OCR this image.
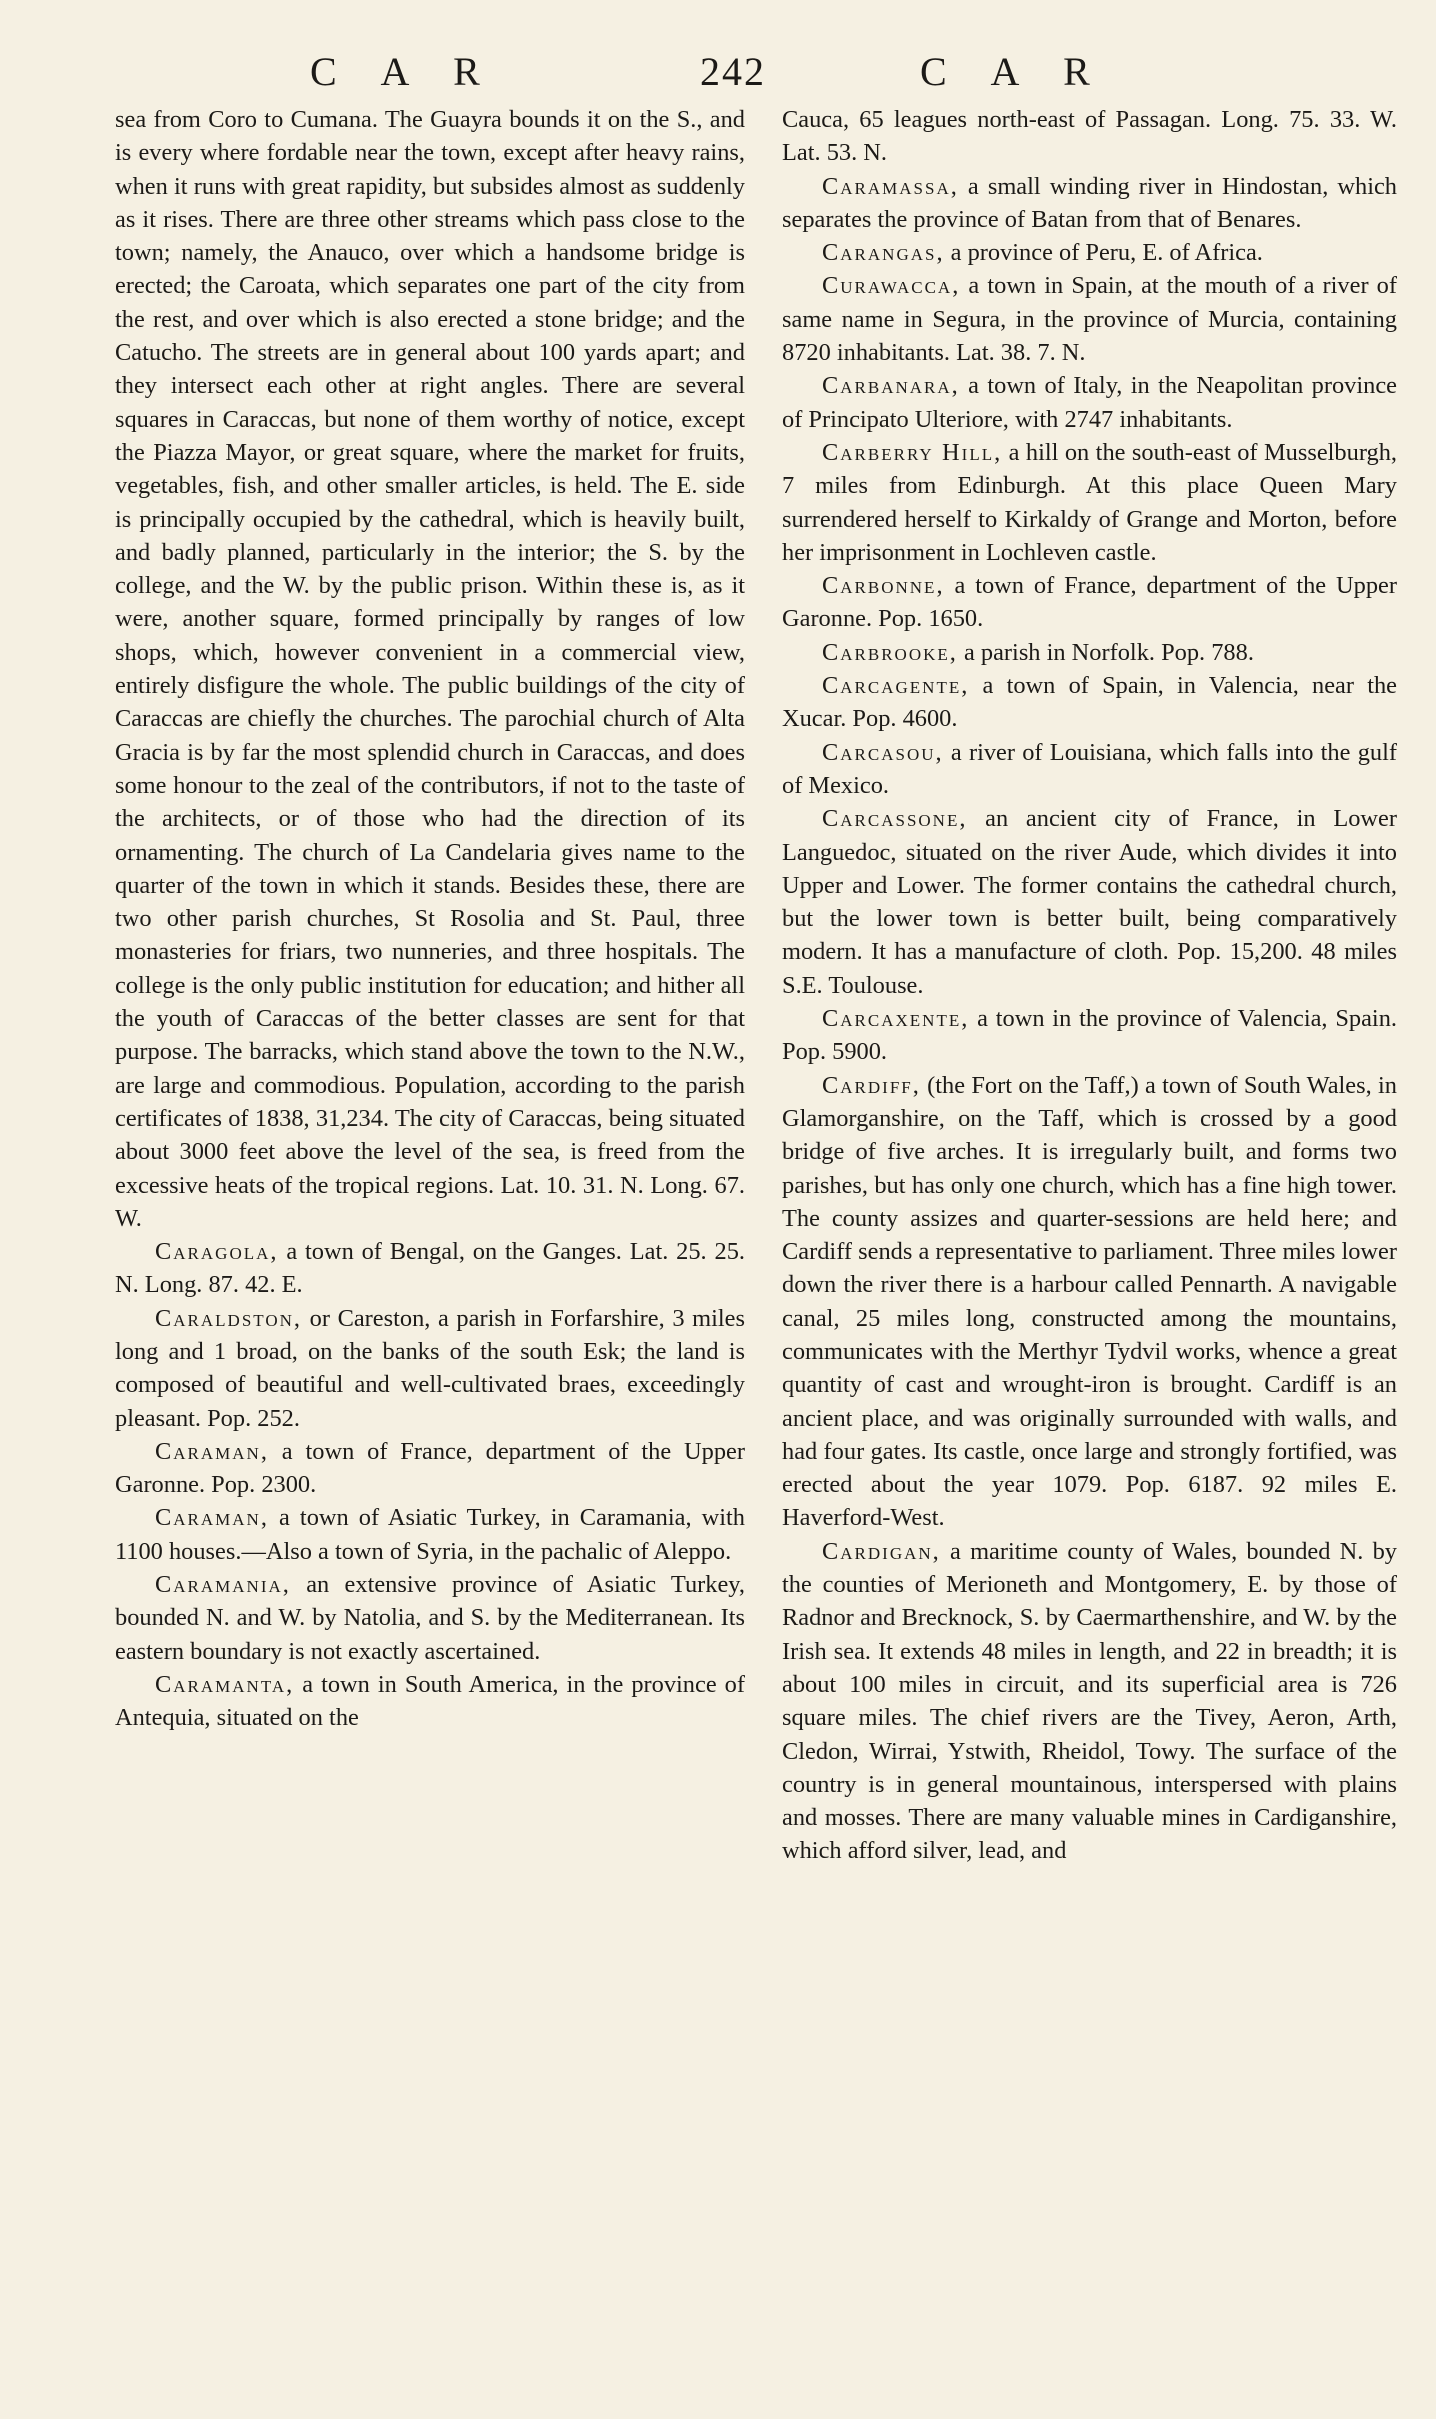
C A R	242	C A R

sea from Coro to Cumana. The Guayra bounds it on the S., and is every where fordable near the town, except after heavy rains, when it runs with great rapidity, but subsides almost as suddenly as it rises. There are three other streams which pass close to the town; namely, the Anauco, over which a handsome bridge is erected; the Caroata, which separates one part of the city from the rest, and over which is also erected a stone bridge; and the Catucho. The streets are in general about 100 yards apart; and they intersect each other at right angles. There are several squares in Caraccas, but none of them worthy of notice, except the Piazza Mayor, or great square, where the market for fruits, vegetables, fish, and other smaller articles, is held. The E. side is principally occupied by the cathedral, which is heavily built, and badly planned, particularly in the interior; the S. by the college, and the W. by the public prison. Within these is, as it were, another square, formed principally by ranges of low shops, which, however convenient in a commercial view, entirely disfigure the whole. The public buildings of the city of Caraccas are chiefly the churches. The parochial church of Alta Gracia is by far the most splendid church in Caraccas, and does some honour to the zeal of the contributors, if not to the taste of the architects, or of those who had the direction of its ornamenting. The church of La Candelaria gives name to the quarter of the town in which it stands. Besides these, there are two other parish churches, St Rosolia and St. Paul, three monasteries for friars, two nunneries, and three hospitals. The college is the only public institution for education; and hither all the youth of Caraccas of the better classes are sent for that purpose. The barracks, which stand above the town to the N.W., are large and commodious. Population, according to the parish certificates of 1838, 31,234. The city of Caraccas, being situated about 3000 feet above the level of the sea, is freed from the excessive heats of the tropical regions. Lat. 10. 31. N. Long. 67. W.

Caragola, a town of Bengal, on the Ganges. Lat. 25. 25. N. Long. 87. 42. E.

Caraldston, or Careston, a parish in Forfarshire, 3 miles long and 1 broad, on the banks of the south Esk; the land is composed of beautiful and well-cultivated braes, exceedingly pleasant. Pop. 252.

Caraman, a town of France, department of the Upper Garonne. Pop. 2300.

Caraman, a town of Asiatic Turkey, in Caramania, with 1100 houses.—Also a town of Syria, in the pachalic of Aleppo.

Caramania, an extensive province of Asiatic Turkey, bounded N. and W. by Natolia, and S. by the Mediterranean. Its eastern boundary is not exactly ascertained.

Caramanta, a town in South America, in the province of Antequia, situated on the

Cauca, 65 leagues north-east of Passagan. Long. 75. 33. W. Lat. 53. N.

Caramassa, a small winding river in Hindostan, which separates the province of Batan from that of Benares.

Carangas, a province of Peru, E. of Africa.

Curawacca, a town in Spain, at the mouth of a river of same name in Segura, in the province of Murcia, containing 8720 inhabitants. Lat. 38. 7. N.

Carbanara, a town of Italy, in the Neapolitan province of Principato Ulteriore, with 2747 inhabitants.

Carberry Hill, a hill on the south-east of Musselburgh, 7 miles from Edinburgh. At this place Queen Mary surrendered herself to Kirkaldy of Grange and Morton, before her imprisonment in Lochleven castle.

Carbonne, a town of France, department of the Upper Garonne. Pop. 1650.

Carbrooke, a parish in Norfolk. Pop. 788.

Carcagente, a town of Spain, in Valencia, near the Xucar. Pop. 4600.

Carcasou, a river of Louisiana, which falls into the gulf of Mexico.

Carcassone, an ancient city of France, in Lower Languedoc, situated on the river Aude, which divides it into Upper and Lower. The former contains the cathedral church, but the lower town is better built, being comparatively modern. It has a manufacture of cloth. Pop. 15,200. 48 miles S.E. Toulouse.

Carcaxente, a town in the province of Valencia, Spain. Pop. 5900.

Cardiff, (the Fort on the Taff,) a town of South Wales, in Glamorganshire, on the Taff, which is crossed by a good bridge of five arches. It is irregularly built, and forms two parishes, but has only one church, which has a fine high tower. The county assizes and quarter-sessions are held here; and Cardiff sends a representative to parliament. Three miles lower down the river there is a harbour called Pennarth. A navigable canal, 25 miles long, constructed among the mountains, communicates with the Merthyr Tydvil works, whence a great quantity of cast and wrought-iron is brought. Cardiff is an ancient place, and was originally surrounded with walls, and had four gates. Its castle, once large and strongly fortified, was erected about the year 1079. Pop. 6187. 92 miles E. Haverford-West.

Cardigan, a maritime county of Wales, bounded N. by the counties of Merioneth and Montgomery, E. by those of Radnor and Brecknock, S. by Caermarthenshire, and W. by the Irish sea. It extends 48 miles in length, and 22 in breadth; it is about 100 miles in circuit, and its superficial area is 726 square miles. The chief rivers are the Tivey, Aeron, Arth, Cledon, Wirrai, Ystwith, Rheidol, Towy. The surface of the country is in general mountainous, interspersed with plains and mosses. There are many valuable mines in Cardiganshire, which afford silver, lead, and
